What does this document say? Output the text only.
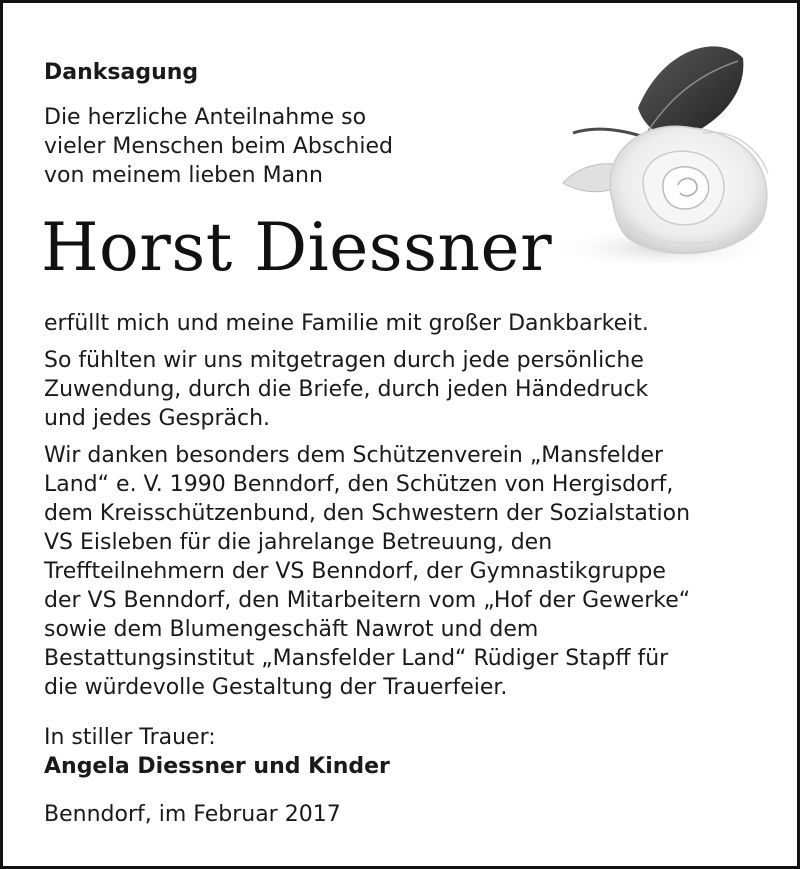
Danksagung
Die herzliche Anteilnahme so
vieler Menschen beim Abschied
von meinem lieben Mann
Horst Diessner
erfüllt mich und meine Familie mit großer Dankbarkeit.
So fühlten wir uns mitgetragen durch jede persönliche
Zuwendung, durch die Briefe, durch jeden Händedruck
und jedes Gespräch.
Wir danken besonders dem Schützenverein „Mansfelder
Land“ e. V. 1990 Benndorf, den Schützen von Hergisdorf,
dem Kreisschützenbund, den Schwestern der Sozialstation
VS Eisleben für die jahrelange Betreuung, den
Treffteilnehmern der VS Benndorf, der Gymnastikgruppe
der VS Benndorf, den Mitarbeitern vom „Hof der Gewerke“
sowie dem Blumengeschäft Nawrot und dem
Bestattungsinstitut „Mansfelder Land“ Rüdiger Stapff für
die würdevolle Gestaltung der Trauerfeier.
In stiller Trauer:
Angela Diessner und Kinder
Benndorf, im Februar 2017
